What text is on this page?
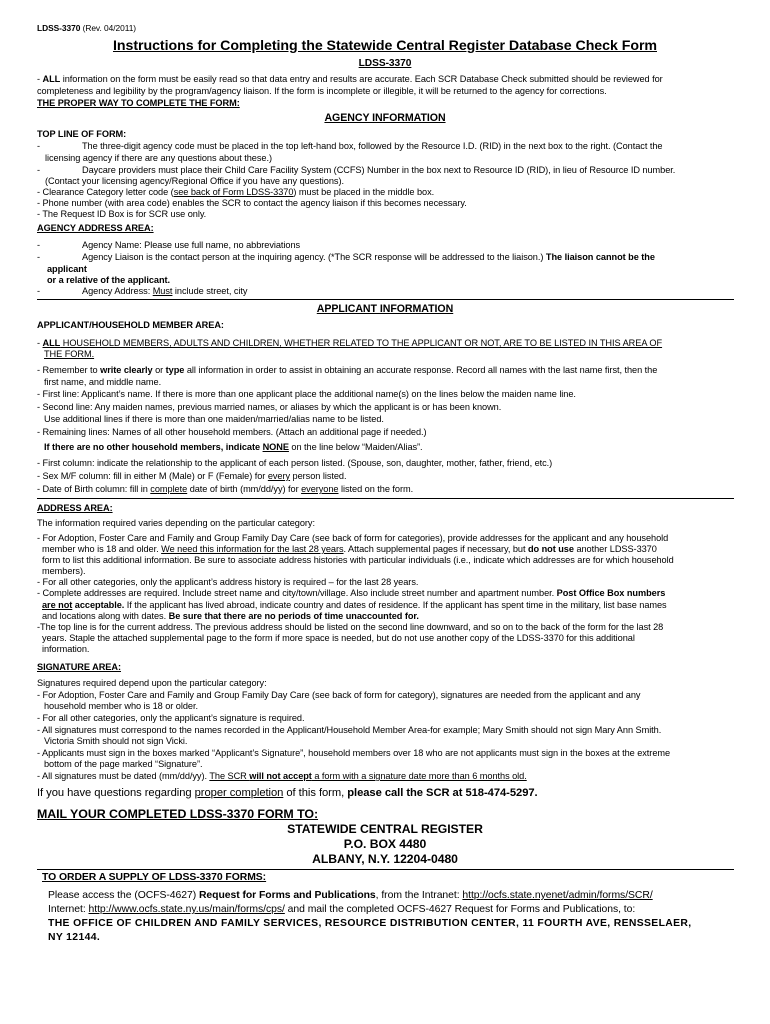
LDSS-3370 (Rev. 04/2011)
Instructions for Completing the Statewide Central Register Database Check Form
LDSS-3370
- ALL information on the form must be easily read so that data entry and results are accurate. Each SCR Database Check submitted should be reviewed for
completeness and legibility by the program/agency liaison. If the form is incomplete or illegible, it will be returned to the agency for corrections.
THE PROPER WAY TO COMPLETE THE FORM:
AGENCY INFORMATION
TOP LINE OF FORM:
-	The three-digit agency code must be placed in the top left-hand box, followed by the Resource I.D. (RID) in the next box to the right. (Contact the
licensing agency if there are any questions about these.)
-	Daycare providers must place their Child Care Facility System (CCFS) Number in the box next to Resource ID (RID), in lieu of Resource ID number.
(Contact your licensing agency/Regional Office if you have any questions).
- Clearance Category letter code (see back of Form LDSS-3370) must be placed in the middle box.
- Phone number (with area code) enables the SCR to contact the agency liaison if this becomes necessary.
- The Request ID Box is for SCR use only.
AGENCY ADDRESS AREA:
-	Agency Name: Please use full name, no abbreviations
-	Agency Liaison is the contact person at the inquiring agency. (*The SCR response will be addressed to the liaison.) The liaison cannot be the
applicant
or a relative of the applicant.
-	Agency Address: Must include street, city
APPLICANT INFORMATION
APPLICANT/HOUSEHOLD MEMBER AREA:
- ALL HOUSEHOLD MEMBERS, ADULTS AND CHILDREN, WHETHER RELATED TO THE APPLICANT OR NOT, ARE TO BE LISTED IN THIS AREA OF
THE FORM.
- Remember to write clearly or type all information in order to assist in obtaining an accurate response. Record all names with the last name first, then the
first name, and middle name.
- First line: Applicant’s name. If there is more than one applicant place the additional name(s) on the lines below the maiden name line.
- Second line: Any maiden names, previous married names, or aliases by which the applicant is or has been known.
Use additional lines if there is more than one maiden/married/alias name to be listed.
- Remaining lines: Names of all other household members. (Attach an additional page if needed.)
If there are no other household members, indicate NONE on the line below “Maiden/Alias”.
- First column: indicate the relationship to the applicant of each person listed. (Spouse, son, daughter, mother, father, friend, etc.)
- Sex M/F column: fill in either M (Male) or F (Female) for every person listed.
- Date of Birth column: fill in complete date of birth (mm/dd/yy) for everyone listed on the form.
ADDRESS AREA:
The information required varies depending on the particular category:
- For Adoption, Foster Care and Family and Group Family Day Care (see back of form for categories), provide addresses for the applicant and any household
member who is 18 and older. We need this information for the last 28 years. Attach supplemental pages if necessary, but do not use another LDSS-3370
form to list this additional information. Be sure to associate address histories with particular individuals (i.e., indicate which addresses are for which household
members).
- For all other categories, only the applicant’s address history is required – for the last 28 years.
- Complete addresses are required. Include street name and city/town/village. Also include street number and apartment number. Post Office Box numbers
are not acceptable. If the applicant has lived abroad, indicate country and dates of residence. If the applicant has spent time in the military, list base names
and locations along with dates. Be sure that there are no periods of time unaccounted for.
-The top line is for the current address. The previous address should be listed on the second line downward, and so on to the back of the form for the last 28
years. Staple the attached supplemental page to the form if more space is needed, but do not use another copy of the LDSS-3370 for this additional
information.
SIGNATURE AREA:
Signatures required depend upon the particular category:
- For Adoption, Foster Care and Family and Group Family Day Care (see back of form for category), signatures are needed from the applicant and any
household member who is 18 or older.
- For all other categories, only the applicant’s signature is required.
- All signatures must correspond to the names recorded in the Applicant/Household Member Area-for example; Mary Smith should not sign Mary Ann Smith.
Victoria Smith should not sign Vicki.
- Applicants must sign in the boxes marked “Applicant’s Signature”, household members over 18 who are not applicants must sign in the boxes at the extreme
bottom of the page marked “Signature”.
- All signatures must be dated (mm/dd/yy). The SCR will not accept a form with a signature date more than 6 months old.
If you have questions regarding proper completion of this form, please call the SCR at 518-474-5297.
MAIL YOUR COMPLETED LDSS-3370 FORM TO:
STATEWIDE CENTRAL REGISTER
P.O. BOX 4480
ALBANY, N.Y. 12204-0480
TO ORDER A SUPPLY OF LDSS-3370 FORMS:
Please access the (OCFS-4627) Request for Forms and Publications, from the Intranet: http://ocfs.state.nyenet/admin/forms/SCR/
Internet: http://www.ocfs.state.ny.us/main/forms/cps/ and mail the completed OCFS-4627 Request for Forms and Publications, to:
THE OFFICE OF CHILDREN AND FAMILY SERVICES, RESOURCE DISTRIBUTION CENTER, 11 FOURTH AVE, RENSSELAER,
NY 12144.
